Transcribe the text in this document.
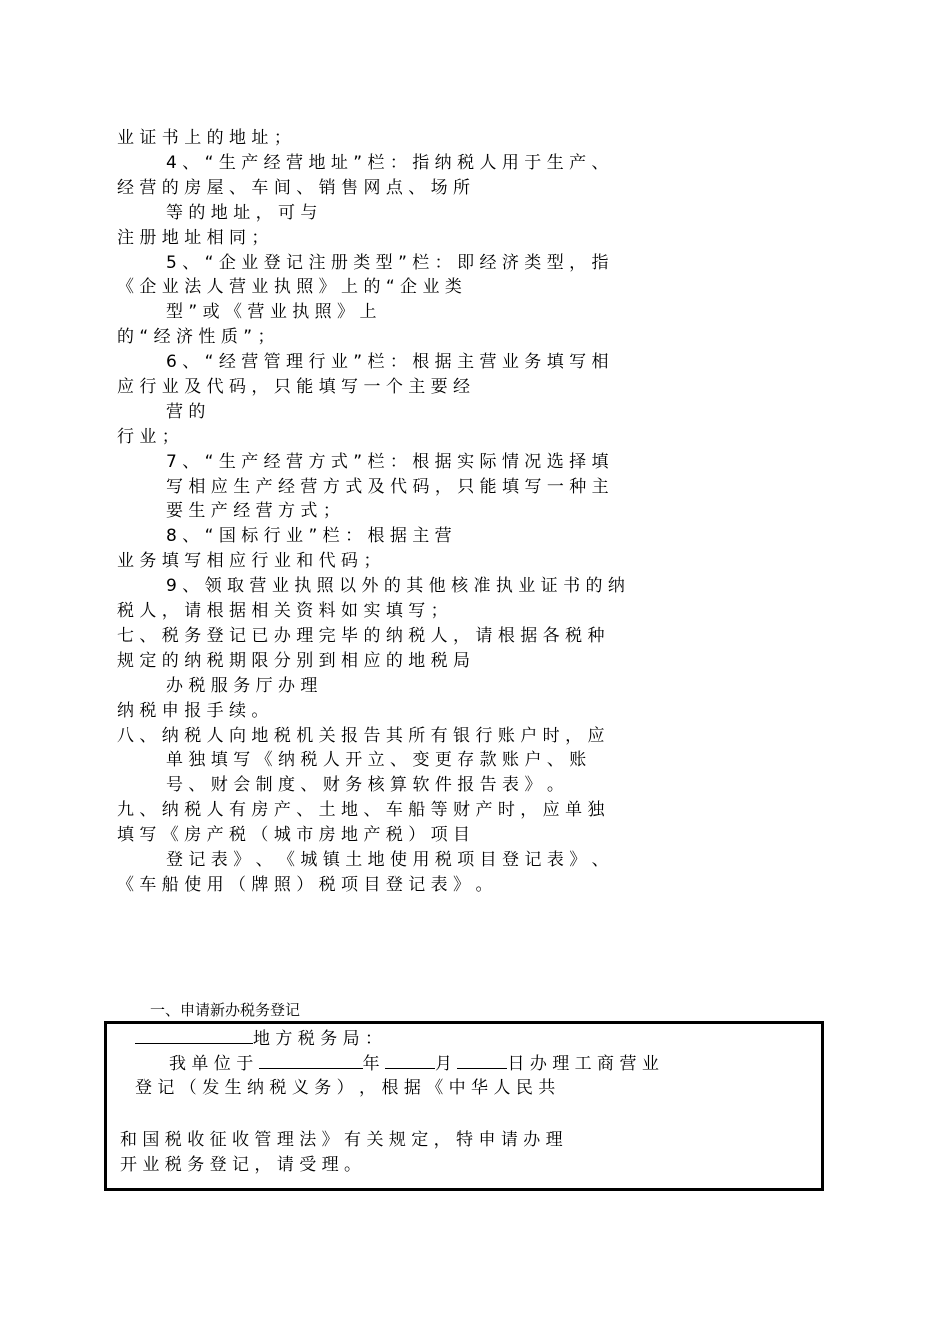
业 证 书 上 的 地 址 ；
4 、 “ 生 产 经 营 地 址 ” 栏 ： 指 纳 税 人 用 于 生 产 、
经 营 的 房 屋 、 车 间 、 销 售 网 点 、 场 所
等 的 地 址 ， 可 与
注 册 地 址 相 同 ；
5 、 “ 企 业 登 记 注 册 类 型 ” 栏 ： 即 经 济 类 型 ， 指
《 企 业 法 人 营 业 执 照 》 上 的 “ 企 业 类
型 ” 或 《 营 业 执 照 》 上
的 “ 经 济 性 质 ” ；
6 、 “ 经 营 管 理 行 业 ” 栏 ： 根 据 主 营 业 务 填 写 相
应 行 业 及 代 码 ， 只 能 填 写 一 个 主 要 经
营 的
行 业 ；
7 、 “ 生 产 经 营 方 式 ” 栏 ： 根 据 实 际 情 况 选 择 填
写 相 应 生 产 经 营 方 式 及 代 码 ， 只 能 填 写 一 种 主
要 生 产 经 营 方 式 ；
8 、 “ 国 标 行 业 ” 栏 ： 根 据 主 营
业 务 填 写 相 应 行 业 和 代 码 ；
9 、 领 取 营 业 执 照 以 外 的 其 他 核 准 执 业 证 书 的 纳
税 人 ， 请 根 据 相 关 资 料 如 实 填 写 ；
七 、 税 务 登 记 已 办 理 完 毕 的 纳 税 人 ， 请 根 据 各 税 种
规 定 的 纳 税 期 限 分 别 到 相 应 的 地 税 局
办 税 服 务 厅 办 理
纳 税 申 报 手 续 。
八 、 纳 税 人 向 地 税 机 关 报 告 其 所 有 银 行 账 户 时 ， 应
单 独 填 写 《 纳 税 人 开 立 、 变 更 存 款 账 户 、 账
号 、 财 会 制 度 、 财 务 核 算 软 件 报 告 表 》 。
九 、 纳 税 人 有 房 产 、 土 地 、 车 船 等 财 产 时 ， 应 单 独
填 写 《 房 产 税 （ 城 市 房 地 产 税 ） 项 目
登 记 表 》 、 《 城 镇 土 地 使 用 税 项 目 登 记 表 》 、
《 车 船 使 用 （ 牌 照 ） 税 项 目 登 记 表 》 。
一、申请新办税务登记
地 方 税 务 局 ：
我 单 位 于	年	月	日 办 理 工 商 营 业
登 记 （ 发 生 纳 税 义 务 ） ， 根 据 《 中 华 人 民 共
和 国 税 收 征 收 管 理 法 》 有 关 规 定 ， 特 申 请 办 理
开 业 税 务 登 记 ， 请 受 理 。
